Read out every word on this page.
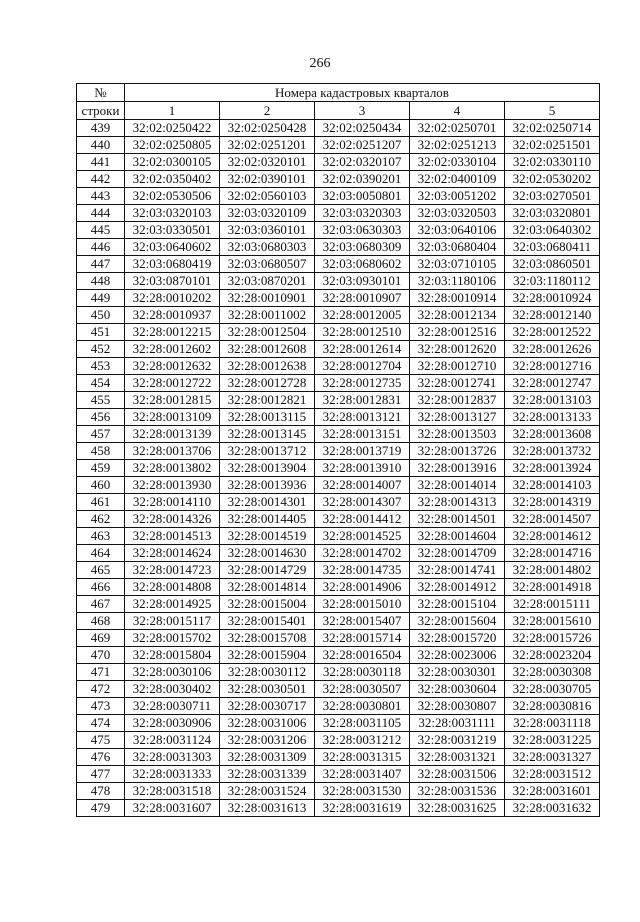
266
№	Номера кадастровых кварталов				
строки	1	2	3	4	5
439	32:02:0250422	32:02:0250428	32:02:0250434	32:02:0250701	32:02:0250714
440	32:02:0250805	32:02:0251201	32:02:0251207	32:02:0251213	32:02:0251501
441	32:02:0300105	32:02:0320101	32:02:0320107	32:02:0330104	32:02:0330110
442	32:02:0350402	32:02:0390101	32:02:0390201	32:02:0400109	32:02:0530202
443	32:02:0530506	32:02:0560103	32:03:0050801	32:03:0051202	32:03:0270501
444	32:03:0320103	32:03:0320109	32:03:0320303	32:03:0320503	32:03:0320801
445	32:03:0330501	32:03:0360101	32:03:0630303	32:03:0640106	32:03:0640302
446	32:03:0640602	32:03:0680303	32:03:0680309	32:03:0680404	32:03:0680411
447	32:03:0680419	32:03:0680507	32:03:0680602	32:03:0710105	32:03:0860501
448	32:03:0870101	32:03:0870201	32:03:0930101	32:03:1180106	32:03:1180112
449	32:28:0010202	32:28:0010901	32:28:0010907	32:28:0010914	32:28:0010924
450	32:28:0010937	32:28:0011002	32:28:0012005	32:28:0012134	32:28:0012140
451	32:28:0012215	32:28:0012504	32:28:0012510	32:28:0012516	32:28:0012522
452	32:28:0012602	32:28:0012608	32:28:0012614	32:28:0012620	32:28:0012626
453	32:28:0012632	32:28:0012638	32:28:0012704	32:28:0012710	32:28:0012716
454	32:28:0012722	32:28:0012728	32:28:0012735	32:28:0012741	32:28:0012747
455	32:28:0012815	32:28:0012821	32:28:0012831	32:28:0012837	32:28:0013103
456	32:28:0013109	32:28:0013115	32:28:0013121	32:28:0013127	32:28:0013133
457	32:28:0013139	32:28:0013145	32:28:0013151	32:28:0013503	32:28:0013608
458	32:28:0013706	32:28:0013712	32:28:0013719	32:28:0013726	32:28:0013732
459	32:28:0013802	32:28:0013904	32:28:0013910	32:28:0013916	32:28:0013924
460	32:28:0013930	32:28:0013936	32:28:0014007	32:28:0014014	32:28:0014103
461	32:28:0014110	32:28:0014301	32:28:0014307	32:28:0014313	32:28:0014319
462	32:28:0014326	32:28:0014405	32:28:0014412	32:28:0014501	32:28:0014507
463	32:28:0014513	32:28:0014519	32:28:0014525	32:28:0014604	32:28:0014612
464	32:28:0014624	32:28:0014630	32:28:0014702	32:28:0014709	32:28:0014716
465	32:28:0014723	32:28:0014729	32:28:0014735	32:28:0014741	32:28:0014802
466	32:28:0014808	32:28:0014814	32:28:0014906	32:28:0014912	32:28:0014918
467	32:28:0014925	32:28:0015004	32:28:0015010	32:28:0015104	32:28:0015111
468	32:28:0015117	32:28:0015401	32:28:0015407	32:28:0015604	32:28:0015610
469	32:28:0015702	32:28:0015708	32:28:0015714	32:28:0015720	32:28:0015726
470	32:28:0015804	32:28:0015904	32:28:0016504	32:28:0023006	32:28:0023204
471	32:28:0030106	32:28:0030112	32:28:0030118	32:28:0030301	32:28:0030308
472	32:28:0030402	32:28:0030501	32:28:0030507	32:28:0030604	32:28:0030705
473	32:28:0030711	32:28:0030717	32:28:0030801	32:28:0030807	32:28:0030816
474	32:28:0030906	32:28:0031006	32:28:0031105	32:28:0031111	32:28:0031118
475	32:28:0031124	32:28:0031206	32:28:0031212	32:28:0031219	32:28:0031225
476	32:28:0031303	32:28:0031309	32:28:0031315	32:28:0031321	32:28:0031327
477	32:28:0031333	32:28:0031339	32:28:0031407	32:28:0031506	32:28:0031512
478	32:28:0031518	32:28:0031524	32:28:0031530	32:28:0031536	32:28:0031601
479	32:28:0031607	32:28:0031613	32:28:0031619	32:28:0031625	32:28:0031632
